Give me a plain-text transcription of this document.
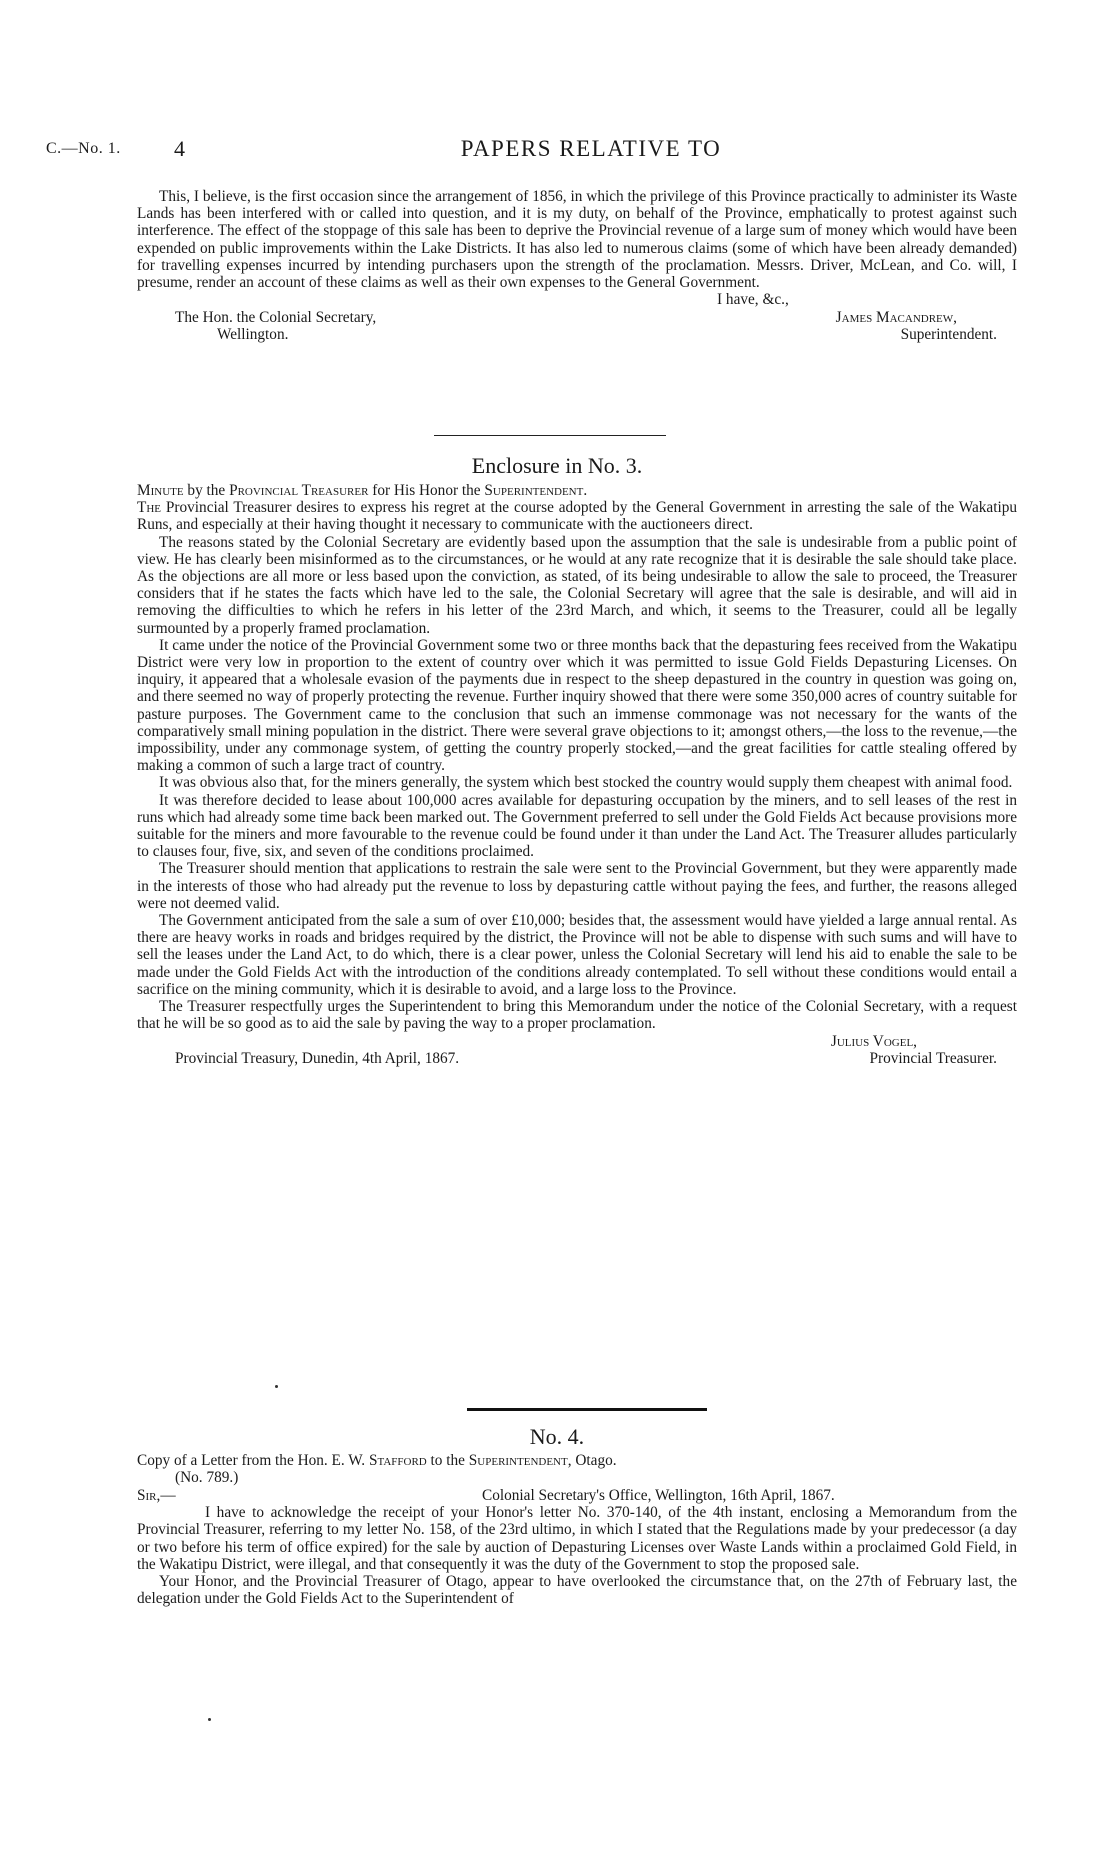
C.—No. 1. 4	PAPERS RELATIVE TO

This, I believe, is the first occasion since the arrangement of 1856, in which the privilege of this Province practically to administer its Waste Lands has been interfered with or called into question, and it is my duty, on behalf of the Province, emphatically to protest against such interference. The effect of the stoppage of this sale has been to deprive the Provincial revenue of a large sum of money which would have been expended on public improvements within the Lake Districts. It has also led to numerous claims (some of which have been already demanded) for travelling expenses incurred by intending purchasers upon the strength of the proclamation. Messrs. Driver, McLean, and Co. will, I presume, render an account of these claims as well as their own expenses to the General Government.

I have, &c.,
The Hon. the Colonial Secretary,	James Macandrew,
Wellington.	Superintendent.
Enclosure in No. 3.

Minute by the Provincial Treasurer for His Honor the Superintendent.

The Provincial Treasurer desires to express his regret at the course adopted by the General Government in arresting the sale of the Wakatipu Runs, and especially at their having thought it necessary to communicate with the auctioneers direct.

The reasons stated by the Colonial Secretary are evidently based upon the assumption that the sale is undesirable from a public point of view. He has clearly been misinformed as to the circumstances, or he would at any rate recognize that it is desirable the sale should take place. As the objections are all more or less based upon the conviction, as stated, of its being undesirable to allow the sale to proceed, the Treasurer considers that if he states the facts which have led to the sale, the Colonial Secretary will agree that the sale is desirable, and will aid in removing the difficulties to which he refers in his letter of the 23rd March, and which, it seems to the Treasurer, could all be legally surmounted by a properly framed proclamation.

It came under the notice of the Provincial Government some two or three months back that the depasturing fees received from the Wakatipu District were very low in proportion to the extent of country over which it was permitted to issue Gold Fields Depasturing Licenses. On inquiry, it appeared that a wholesale evasion of the payments due in respect to the sheep depastured in the country in question was going on, and there seemed no way of properly protecting the revenue. Further inquiry showed that there were some 350,000 acres of country suitable for pasture purposes. The Government came to the conclusion that such an immense commonage was not necessary for the wants of the comparatively small mining population in the district. There were several grave objections to it; amongst others,—the loss to the revenue,—the impossibility, under any commonage system, of getting the country properly stocked,—and the great facilities for cattle stealing offered by making a common of such a large tract of country.

It was obvious also that, for the miners generally, the system which best stocked the country would supply them cheapest with animal food.

It was therefore decided to lease about 100,000 acres available for depasturing occupation by the miners, and to sell leases of the rest in runs which had already some time back been marked out. The Government preferred to sell under the Gold Fields Act because provisions more suitable for the miners and more favourable to the revenue could be found under it than under the Land Act. The Treasurer alludes particularly to clauses four, five, six, and seven of the conditions proclaimed.

The Treasurer should mention that applications to restrain the sale were sent to the Provincial Government, but they were apparently made in the interests of those who had already put the revenue to loss by depasturing cattle without paying the fees, and further, the reasons alleged were not deemed valid.

The Government anticipated from the sale a sum of over £10,000; besides that, the assessment would have yielded a large annual rental. As there are heavy works in roads and bridges required by the district, the Province will not be able to dispense with such sums and will have to sell the leases under the Land Act, to do which, there is a clear power, unless the Colonial Secretary will lend his aid to enable the sale to be made under the Gold Fields Act with the introduction of the conditions already contemplated. To sell without these conditions would entail a sacrifice on the mining community, which it is desirable to avoid, and a large loss to the Province.

The Treasurer respectfully urges the Superintendent to bring this Memorandum under the notice of the Colonial Secretary, with a request that he will be so good as to aid the sale by paving the way to a proper proclamation.

Julius Vogel,
Provincial Treasury, Dunedin, 4th April, 1867.	Provincial Treasurer.
No. 4.

Copy of a Letter from the Hon. E. W. Stafford to the Superintendent, Otago.

(No. 789.)
Sir,—	Colonial Secretary's Office, Wellington, 16th April, 1867.

I have to acknowledge the receipt of your Honor's letter No. 370-140, of the 4th instant, enclosing a Memorandum from the Provincial Treasurer, referring to my letter No. 158, of the 23rd ultimo, in which I stated that the Regulations made by your predecessor (a day or two before his term of office expired) for the sale by auction of Depasturing Licenses over Waste Lands within a proclaimed Gold Field, in the Wakatipu District, were illegal, and that consequently it was the duty of the Government to stop the proposed sale.

Your Honor, and the Provincial Treasurer of Otago, appear to have overlooked the circumstance that, on the 27th of February last, the delegation under the Gold Fields Act to the Superintendent of
